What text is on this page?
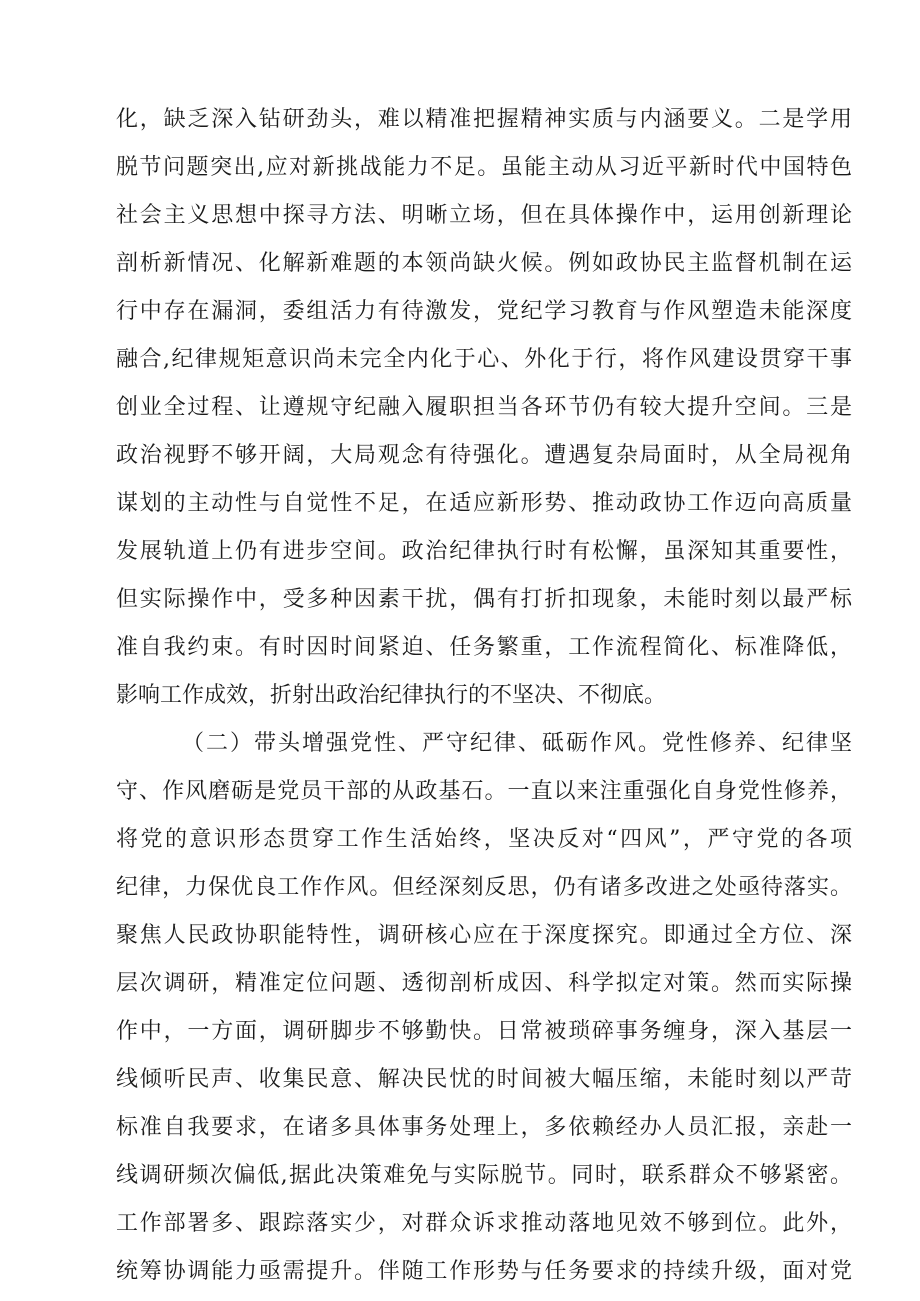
化，缺乏深入钻研劲头，难以精准把握精神实质与内涵要义。二是学用
脱节问题突出,应对新挑战能力不足。虽能主动从习近平新时代中国特色
社会主义思想中探寻方法、明晰立场，但在具体操作中，运用创新理论
剖析新情况、化解新难题的本领尚缺火候。例如政协民主监督机制在运
行中存在漏洞，委组活力有待激发，党纪学习教育与作风塑造未能深度
融合,纪律规矩意识尚未完全内化于心、外化于行，将作风建设贯穿干事
创业全过程、让遵规守纪融入履职担当各环节仍有较大提升空间。三是
政治视野不够开阔，大局观念有待强化。遭遇复杂局面时，从全局视角
谋划的主动性与自觉性不足，在适应新形势、推动政协工作迈向高质量
发展轨道上仍有进步空间。政治纪律执行时有松懈，虽深知其重要性，
但实际操作中，受多种因素干扰，偶有打折扣现象，未能时刻以最严标
准自我约束。有时因时间紧迫、任务繁重，工作流程简化、标准降低，
影响工作成效，折射出政治纪律执行的不坚决、不彻底。
（二）带头增强党性、严守纪律、砥砺作风。党性修养、纪律坚
守、作风磨砺是党员干部的从政基石。一直以来注重强化自身党性修养，
将党的意识形态贯穿工作生活始终，坚决反对“四风”，严守党的各项
纪律，力保优良工作作风。但经深刻反思，仍有诸多改进之处亟待落实。
聚焦人民政协职能特性，调研核心应在于深度探究。即通过全方位、深
层次调研，精准定位问题、透彻剖析成因、科学拟定对策。然而实际操
作中，一方面，调研脚步不够勤快。日常被琐碎事务缠身，深入基层一
线倾听民声、收集民意、解决民忧的时间被大幅压缩，未能时刻以严苛
标准自我要求，在诸多具体事务处理上，多依赖经办人员汇报，亲赴一
线调研频次偏低,据此决策难免与实际脱节。同时，联系群众不够紧密。
工作部署多、跟踪落实少，对群众诉求推动落地见效不够到位。此外，
统筹协调能力亟需提升。伴随工作形势与任务要求的持续升级，面对党
